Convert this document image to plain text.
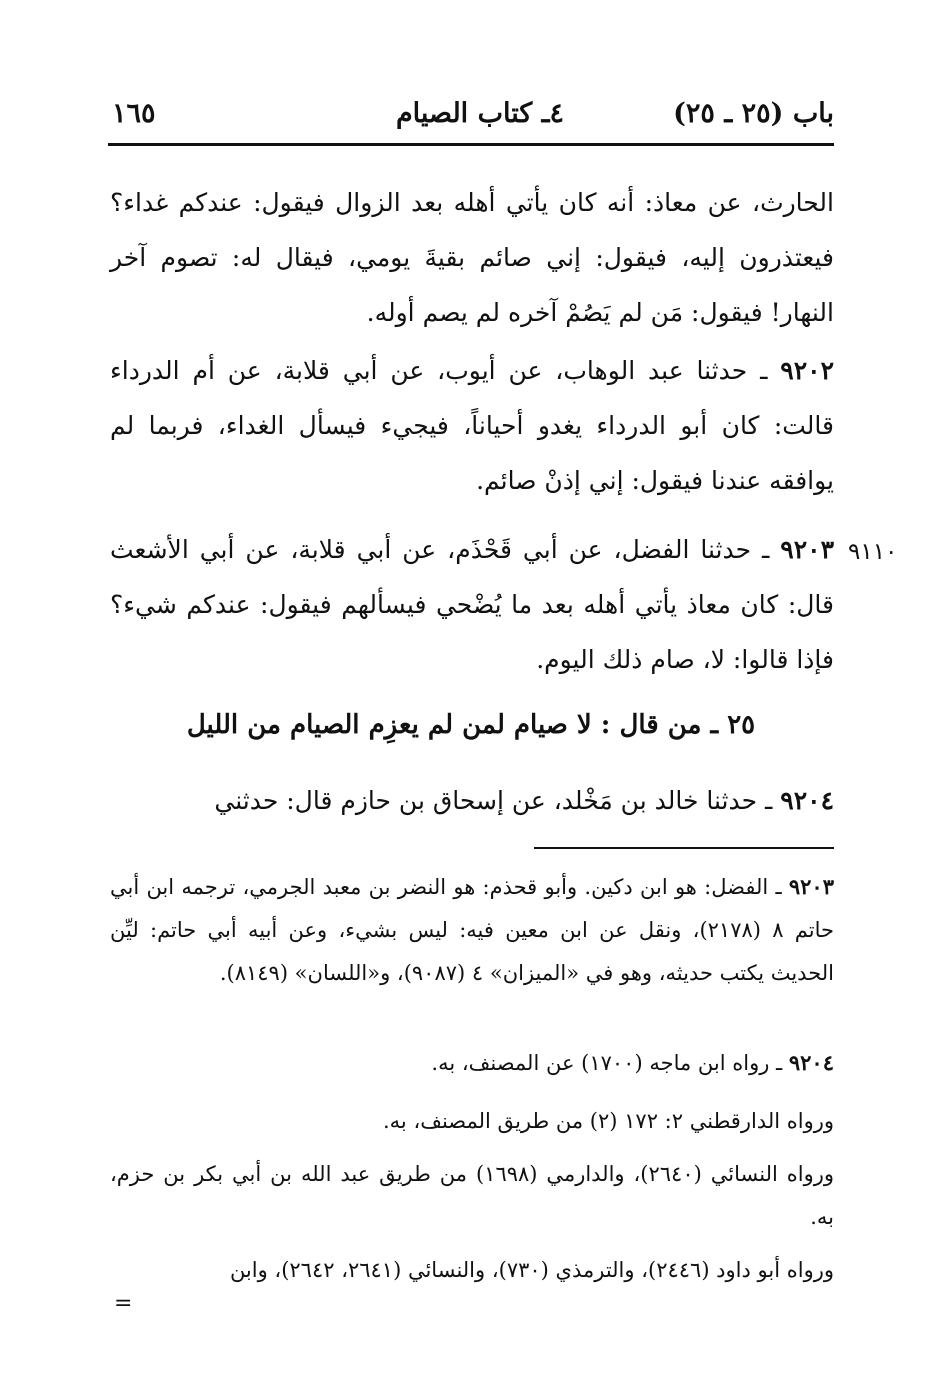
باب (٢٥ ـ ٢٥)
٤ـ كتاب الصيام
١٦٥
الحارث، عن معاذ: أنه كان يأتي أهله بعد الزوال فيقول: عندكم غداء؟ فيعتذرون إليه، فيقول: إني صائم بقيةَ يومي، فيقال له: تصوم آخر النهار! فيقول: مَن لم يَصُمْ آخره لم يصم أوله.
٩٢٠٢ ـ حدثنا عبد الوهاب، عن أيوب، عن أبي قلابة، عن أم الدرداء قالت: كان أبو الدرداء يغدو أحياناً، فيجيء فيسأل الغداء، فربما لم يوافقه عندنا فيقول: إني إذنْ صائم.
٩١١٠
٩٢٠٣ ـ حدثنا الفضل، عن أبي قَحْذَم، عن أبي قلابة، عن أبي الأشعث قال: كان معاذ يأتي أهله بعد ما يُضْحي فيسألهم فيقول: عندكم شيء؟ فإذا قالوا: لا، صام ذلك اليوم.
٢٥ ـ من قال : لا صيام لمن لم يعزِم الصيام من الليل
٩٢٠٤ ـ حدثنا خالد بن مَخْلد، عن إسحاق بن حازم قال: حدثني
٩٢٠٣ ـ الفضل: هو ابن دكين. وأبو قحذم: هو النضر بن معبد الجرمي، ترجمه ابن أبي حاتم ٨ (٢١٧٨)، ونقل عن ابن معين فيه: ليس بشيء، وعن أبيه أبي حاتم: ليِّن الحديث يكتب حديثه، وهو في «الميزان» ٤ (٩٠٨٧)، و«اللسان» (٨١٤٩).
٩٢٠٤ ـ رواه ابن ماجه (١٧٠٠) عن المصنف، به.
ورواه الدارقطني ٢: ١٧٢ (٢) من طريق المصنف، به.
ورواه النسائي (٢٦٤٠)، والدارمي (١٦٩٨) من طريق عبد الله بن أبي بكر بن حزم، به.
ورواه أبو داود (٢٤٤٦)، والترمذي (٧٣٠)، والنسائي (٢٦٤١، ٢٦٤٢)، وابن
=
